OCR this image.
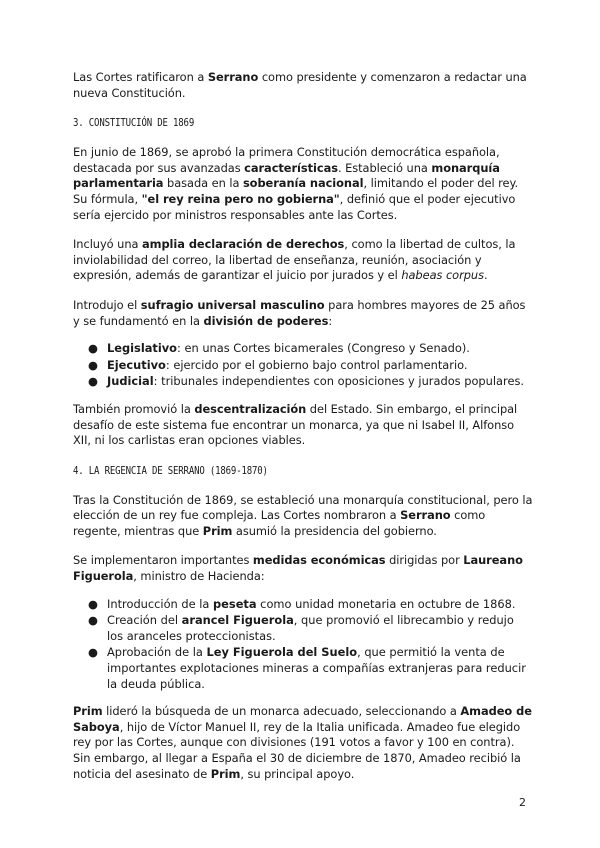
Las Cortes ratificaron a Serrano como presidente y comenzaron a redactar una nueva Constitución.

3. CONSTITUCIÓN DE 1869

En junio de 1869, se aprobó la primera Constitución democrática española, destacada por sus avanzadas características. Estableció una monarquía parlamentaria basada en la soberanía nacional, limitando el poder del rey. Su fórmula, "el rey reina pero no gobierna", definió que el poder ejecutivo sería ejercido por ministros responsables ante las Cortes.

Incluyó una amplia declaración de derechos, como la libertad de cultos, la inviolabilidad del correo, la libertad de enseñanza, reunión, asociación y expresión, además de garantizar el juicio por jurados y el habeas corpus.

Introdujo el sufragio universal masculino para hombres mayores de 25 años y se fundamentó en la división de poderes:

● Legislativo: en unas Cortes bicamerales (Congreso y Senado).
● Ejecutivo: ejercido por el gobierno bajo control parlamentario.
● Judicial: tribunales independientes con oposiciones y jurados populares.

También promovió la descentralización del Estado. Sin embargo, el principal desafío de este sistema fue encontrar un monarca, ya que ni Isabel II, Alfonso XII, ni los carlistas eran opciones viables.

4. LA REGENCIA DE SERRANO (1869-1870)

Tras la Constitución de 1869, se estableció una monarquía constitucional, pero la elección de un rey fue compleja. Las Cortes nombraron a Serrano como regente, mientras que Prim asumió la presidencia del gobierno.

Se implementaron importantes medidas económicas dirigidas por Laureano Figuerola, ministro de Hacienda:

● Introducción de la peseta como unidad monetaria en octubre de 1868.
● Creación del arancel Figuerola, que promovió el librecambio y redujo los aranceles proteccionistas.
● Aprobación de la Ley Figuerola del Suelo, que permitió la venta de importantes explotaciones mineras a compañías extranjeras para reducir la deuda pública.

Prim lideró la búsqueda de un monarca adecuado, seleccionando a Amadeo de Saboya, hijo de Víctor Manuel II, rey de la Italia unificada. Amadeo fue elegido rey por las Cortes, aunque con divisiones (191 votos a favor y 100 en contra). Sin embargo, al llegar a España el 30 de diciembre de 1870, Amadeo recibió la noticia del asesinato de Prim, su principal apoyo.

2
